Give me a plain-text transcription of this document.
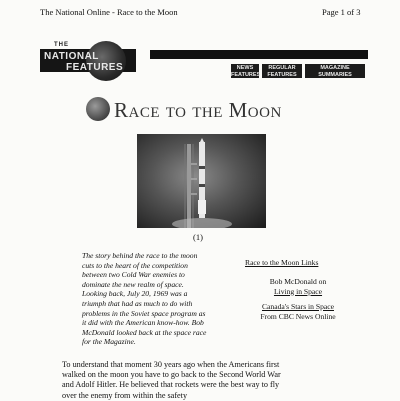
The National Online - Race to the Moon	Page 1 of 3
THE
NATIONAL
FEATURES	NEWS FEATURES
REGULAR FEATURES
MAGAZINE SUMMARIES
Race to the Moon
(1)

The story behind the race to the moon cuts to the heart of the competition between two Cold War enemies to dominate the new realm of space. Looking back, July 20, 1969 was a triumph that had as much to do with problems in the Soviet space program as it did with the American know-how. Bob McDonald looked back at the space race for the Magazine.

Race to the Moon Links
Bob McDonald on
Living in Space
Canada's Stars in Space
From CBC News Online

To understand that moment 30 years ago when the Americans first walked on the moon you have to go back to the Second World War and Adolf Hitler. He believed that rockets were the best way to fly over the enemy from within the safety
